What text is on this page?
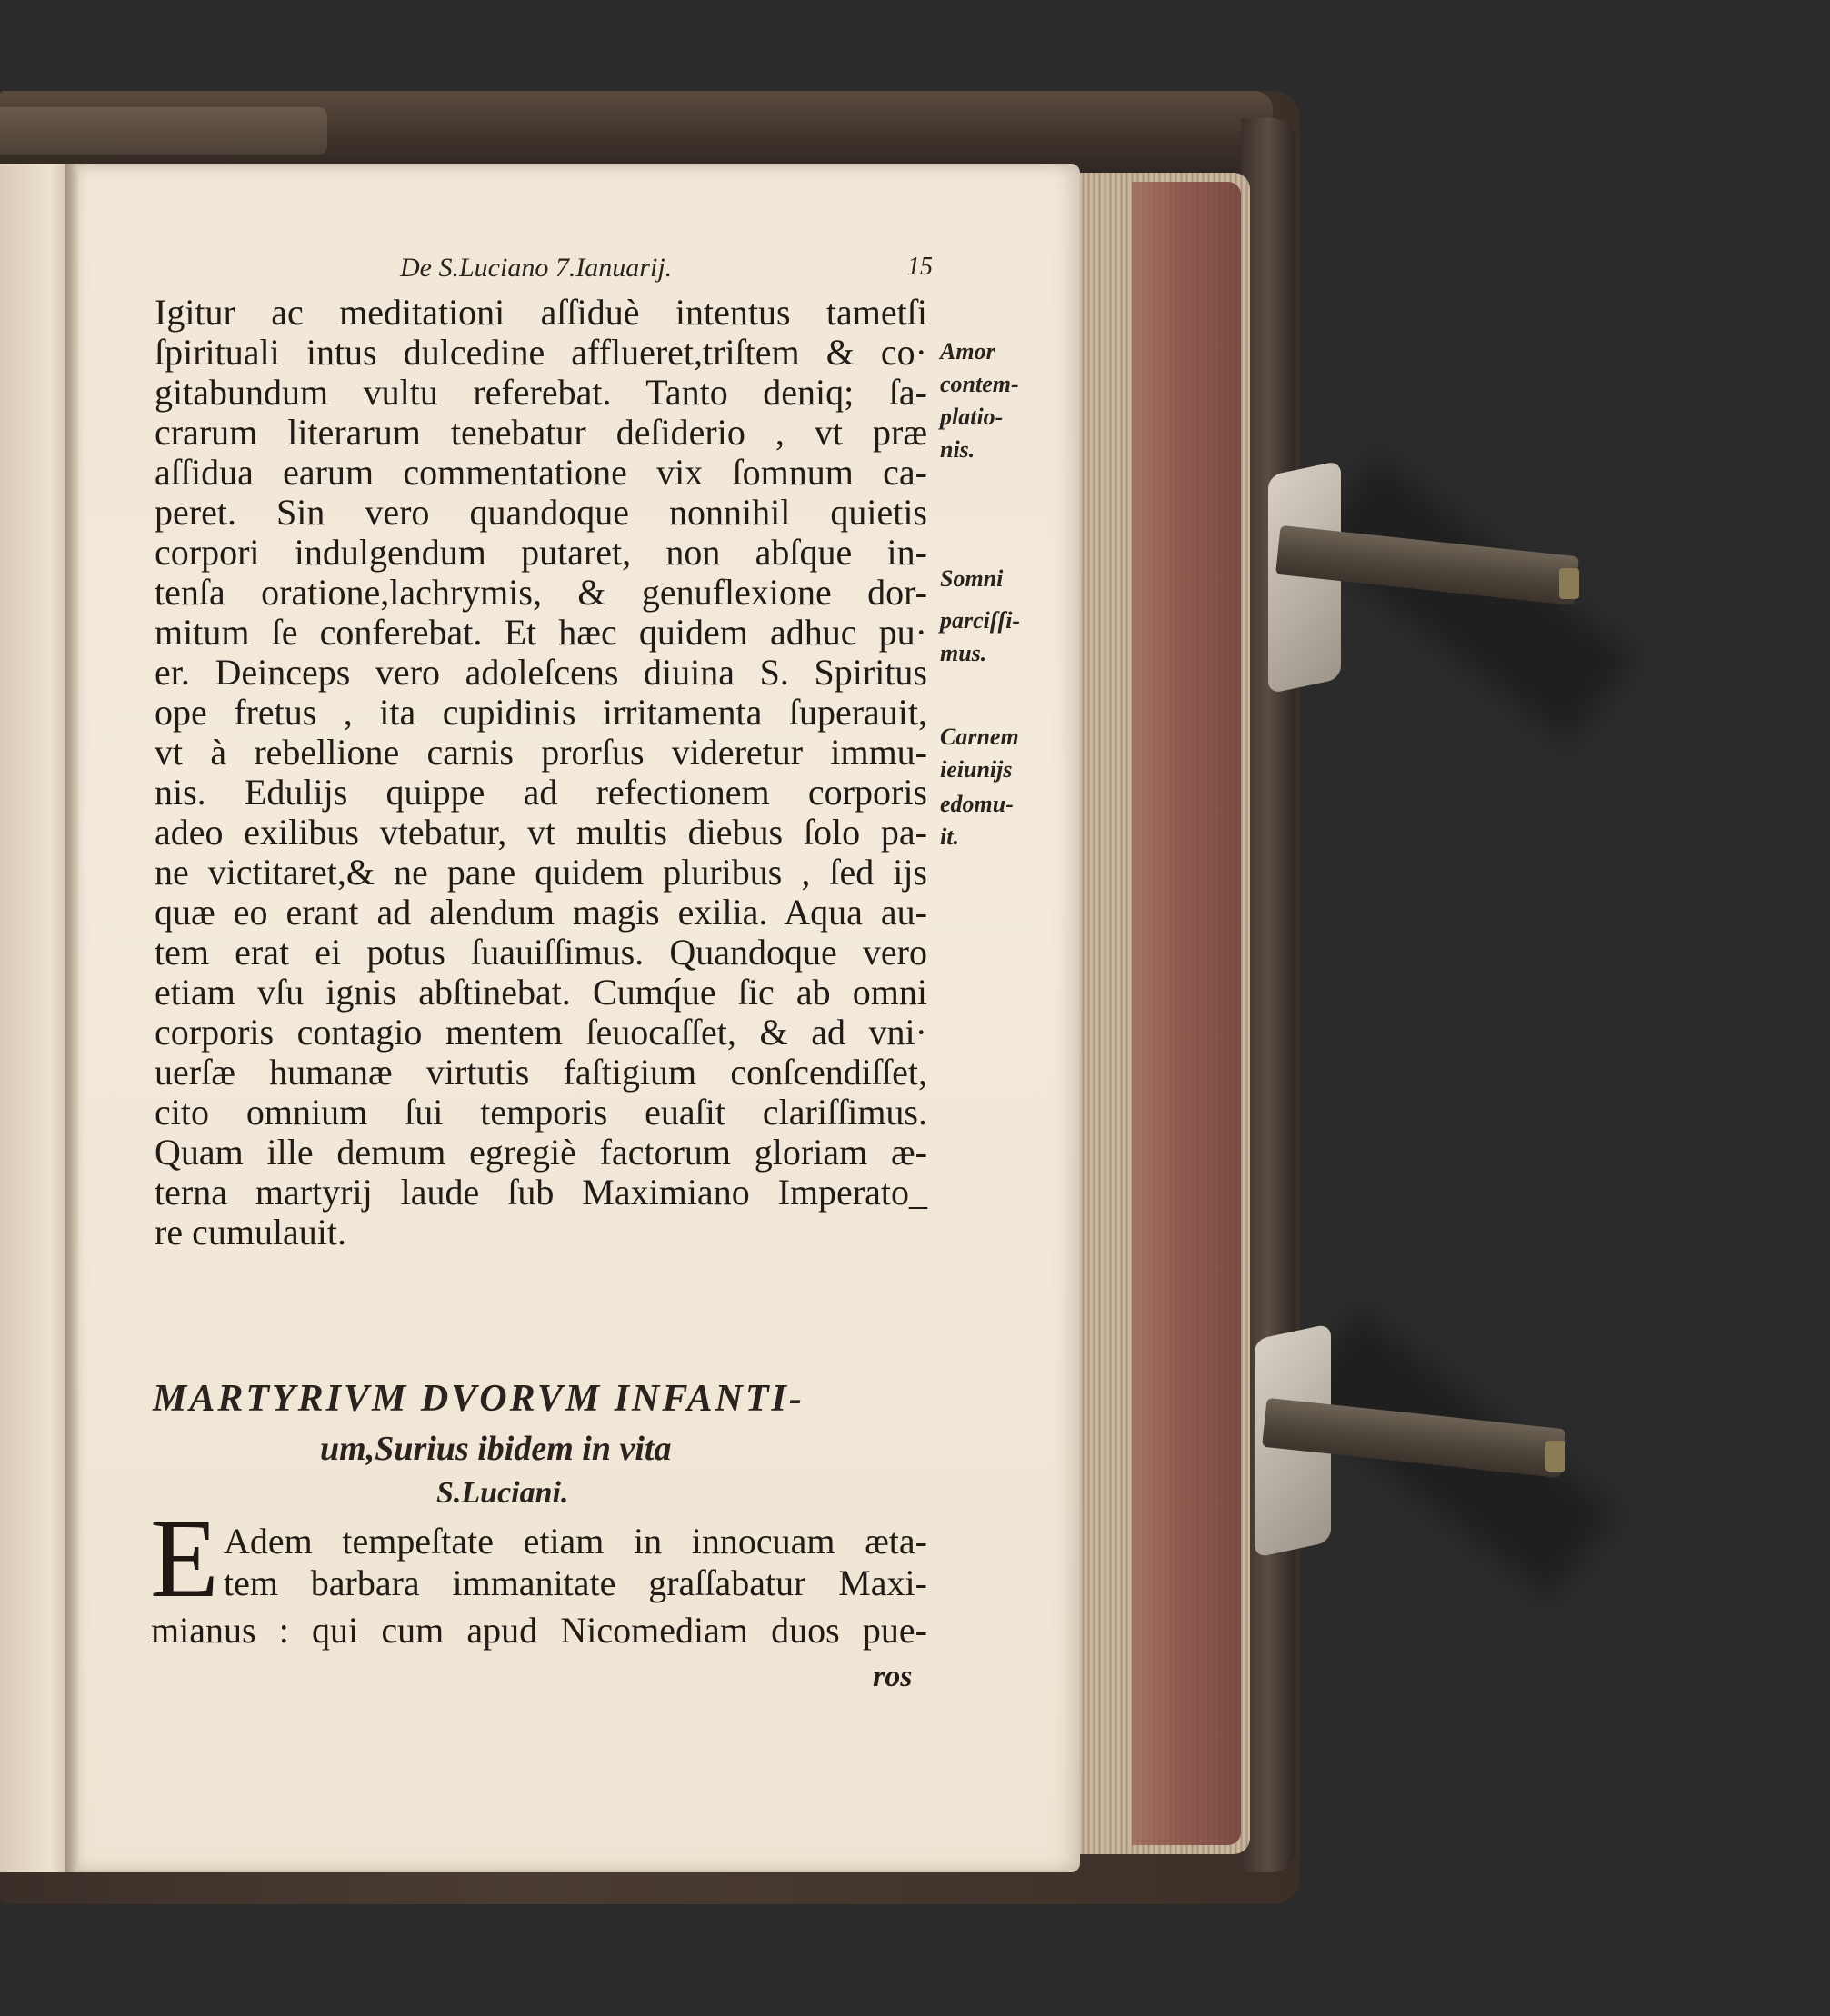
De S.Luciano 7.Ianuarij.	15
Igitur ac meditationi aſſiduè intentus tametſi
ſpirituali intus dulcedine afflueret,triſtem & co·
gitabundum vultu referebat. Tanto deniq; ſa-
crarum literarum tenebatur deſiderio , vt præ
aſſidua earum commentatione vix ſomnum ca-
peret. Sin vero quandoque nonnihil quietis
corpori indulgendum putaret, non abſque in-
tenſa oratione,lachrymis, & genuflexione dor-
mitum ſe conferebat. Et hæc quidem adhuc pu·
er. Deinceps vero adoleſcens diuina S. Spiritus
ope fretus , ita cupidinis irritamenta ſuperauit,
vt à rebellione carnis prorſus videretur immu-
nis. Edulijs quippe ad refectionem corporis
adeo exilibus vtebatur, vt multis diebus ſolo pa-
ne victitaret,& ne pane quidem pluribus , ſed ijs
quæ eo erant ad alendum magis exilia. Aqua au-
tem erat ei potus ſuauiſſimus. Quandoque vero
etiam vſu ignis abſtinebat. Cumq́ue ſic ab omni
corporis contagio mentem ſeuocaſſet, & ad vni·
uerſæ humanæ virtutis faſtigium conſcendiſſet,
cito omnium ſui temporis euaſit clariſſimus.
Quam ille demum egregiè factorum gloriam æ-
terna martyrij laude ſub Maximiano Imperato_
re cumulauit.
Amor
contem-
platio-
nis.
Somni
parciſſi-
mus.
Carnem
ieiunijs
edomu-
it.
MARTYRIVM DVORVM INFANTI-
um,Surius ibidem in vita
S.Luciani.
E Adem tempeſtate etiam in innocuam æta-
tem barbara immanitate graſſabatur Maxi-
mianus : qui cum apud Nicomediam duos pue-
ros
